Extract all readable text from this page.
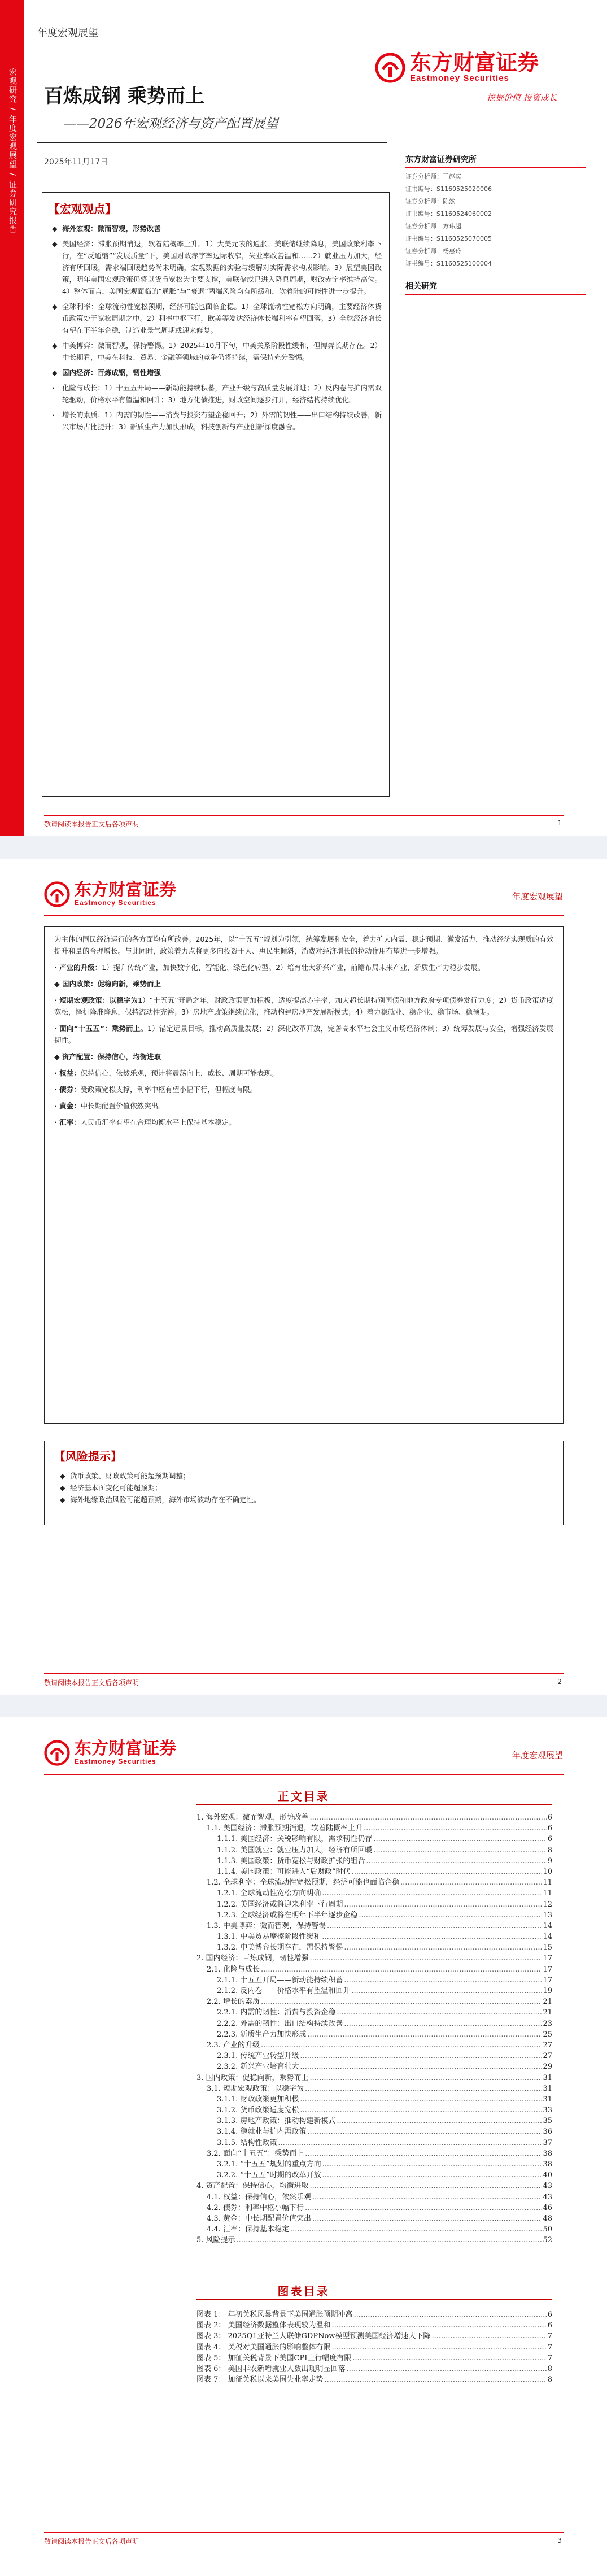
宏观研究 / 年度宏观展望 / 证券研究报告
年度宏观展望
东方财富证券
Eastmoney Securities
挖掘价值 投资成长
百炼成钢 乘势而上
——2026年宏观经济与资产配置展望
2025年11月17日	东方财富证券研究所
证券分析师：王赵宾
证书编号：S1160525020006
证券分析师：陈然
证书编号：S1160524060002
证券分析师：方玮超
证书编号：S1160525070005
证券分析师：杨惠玲
证书编号：S1160525100004
相关研究
【宏观观点】
◆ 海外宏观：微而智观，形势改善
◆ 美国经济：滞胀预期消退，软着陆概率上升。1）大美元表的通胀。美联储继续降息，美国政策利率下行，在“反通缩”“发展质量”下，美国财政赤字率边际收窄，失业率改善温和……2）就业压力加大，经济有所回暖，需求端回暖趋势尚未明确，宏观数据的实验与缓解对实际需求构成影响。3）展望美国政策，明年美国宏观政策仍将以货币宽松为主要支撑，美联储或已进入降息周期，财政赤字率维持高位。4）整体而言，美国宏观面临的“通胀”与“衰退”两端风险均有所缓和，软着陆的可能性进一步提升。
◆ 全球利率：全球流动性宽松预期，经济可能也面临企稳。1）全球流动性宽松方向明确，主要经济体货币政策处于宽松周期之中。2）利率中枢下行，欧美等发达经济体长端利率有望回落。3）全球经济增长有望在下半年企稳，制造业景气周期或迎来修复。
◆ 中美博弈：微而智观，保持警惕。1）2025年10月下旬，中美关系阶段性缓和，但博弈长期存在。2）中长期看，中美在科技、贸易、金融等领域的竞争仍将持续，需保持充分警惕。
◆ 国内经济：百炼成钢，韧性增强
·	化险与成长：1）十五五开局——新动能持续积蓄，产业升级与高质量发展并进；2）反内卷与扩内需双轮驱动，价格水平有望温和回升；3）地方化债推进，财政空间逐步打开，经济结构持续优化。
·	增长的素质：1）内需的韧性——消费与投资有望企稳回升；2）外需的韧性——出口结构持续改善，新兴市场占比提升；3）新质生产力加快形成，科技创新与产业创新深度融合。
敬请阅读本报告正文后各项声明	1
东方财富证券
Eastmoney Securities
年度宏观展望

为主体的国民经济运行的各方面均有所改善。2025年，以“十五五”规划为引领，统筹发展和安全，着力扩大内需、稳定预期、激发活力，推动经济实现质的有效提升和量的合理增长。与此同时，政策着力点将更多向投资于人、惠民生倾斜，消费对经济增长的拉动作用有望进一步增强。

· 产业的升级：1）提升传统产业，加快数字化、智能化、绿色化转型。2）培育壮大新兴产业，前瞻布局未来产业，新质生产力稳步发展。

◆ 国内政策：促稳向新，乘势而上

· 短期宏观政策：以稳字为1）“十五五”开局之年，财政政策更加积极，适度提高赤字率，加大超长期特别国债和地方政府专项债券发行力度；2）货币政策适度宽松，择机降准降息，保持流动性充裕；3）房地产政策继续优化，推动构建房地产发展新模式；4）着力稳就业、稳企业、稳市场、稳预期。

· 面向“十五五”：乘势而上。1）锚定远景目标，推动高质量发展；2）深化改革开放，完善高水平社会主义市场经济体制；3）统筹发展与安全，增强经济发展韧性。

◆ 资产配置：保持信心，均衡进取

· 权益：保持信心，依然乐观，预计将震荡向上，成长、周期可能表现。

· 债券：受政策宽松支撑，利率中枢有望小幅下行，但幅度有限。

· 黄金：中长期配置价值依然突出。

· 汇率：人民币汇率有望在合理均衡水平上保持基本稳定。

【风险提示】
◆ 货币政策、财政政策可能超预期调整；
◆ 经济基本面变化可能超预期；
◆ 海外地缘政治风险可能超预期，海外市场波动存在不确定性。
敬请阅读本报告正文后各项声明	2
东方财富证券
Eastmoney Securities
年度宏观展望
正文目录
1. 海外宏观：微而智观，形势改善 .....	6
1.1. 美国经济：滞胀预期消退，软着陆概率上升 .....	6
1.1.1. 美国经济：关税影响有限，需求韧性仍存 .....	6
1.1.2. 美国就业：就业压力加大，经济有所回暖 .....	8
1.1.3. 美国政策：货币宽松与财政扩张的组合 .....	9
1.1.4. 美国政策：可能进入“后财政”时代 .....	10
1.2. 全球利率：全球流动性宽松预期，经济可能也面临企稳 .....	11
1.2.1. 全球流动性宽松方向明确 .....	11
1.2.2. 美国经济或将迎来利率下行周期 .....	12
1.2.3. 全球经济或将在明年下半年逐步企稳 .....	13
1.3. 中美博弈：微而智观，保持警惕 .....	14
1.3.1. 中美贸易摩擦阶段性缓和 .....	14
1.3.2. 中美博弈长期存在，需保持警惕 .....	15
2. 国内经济：百炼成钢，韧性增强 .....	17
2.1. 化险与成长 .....	17
2.1.1. 十五五开局——新动能持续积蓄 .....	17
2.1.2. 反内卷——价格水平有望温和回升 .....	19
2.2. 增长的素质 .....	21
2.2.1. 内需的韧性：消费与投资企稳 .....	21
2.2.2. 外需的韧性：出口结构持续改善 .....	23
2.2.3. 新质生产力加快形成 .....	25
2.3. 产业的升级 .....	27
2.3.1. 传统产业转型升级 .....	27
2.3.2. 新兴产业培育壮大 .....	29
3. 国内政策：促稳向新，乘势而上 .....	31
3.1. 短期宏观政策：以稳字为 .....	31
3.1.1. 财政政策更加积极 .....	31
3.1.2. 货币政策适度宽松 .....	33
3.1.3. 房地产政策：推动构建新模式 .....	35
3.1.4. 稳就业与扩内需政策 .....	36
3.1.5. 结构性政策 .....	37
3.2. 面向“十五五”：乘势而上 .....	38
3.2.1. “十五五”规划的重点方向 .....	38
3.2.2. “十五五”时期的改革开放 .....	40
4. 资产配置：保持信心，均衡进取 .....	43
4.1. 权益：保持信心，依然乐观 .....	43
4.2. 债券：利率中枢小幅下行 .....	46
4.3. 黄金：中长期配置价值突出 .....	48
4.4. 汇率：保持基本稳定 .....	50
5. 风险提示 .....	52
图表目录
图表 1： 年初关税风暴背景下美国通胀预期冲高 .....	6
图表 2： 美国经济数据整体表现较为温和 .....	6
图表 3： 2025Q1亚特兰大联储GDPNow模型预测美国经济增速大下降 .....	7
图表 4： 关税对美国通胀的影响整体有限 .....	7
图表 5： 加征关税背景下美国CPI上行幅度有限 .....	7
图表 6： 美国非农新增就业人数出现明显回落 .....	8
图表 7： 加征关税以来美国失业率走势 .....	8
敬请阅读本报告正文后各项声明	3
